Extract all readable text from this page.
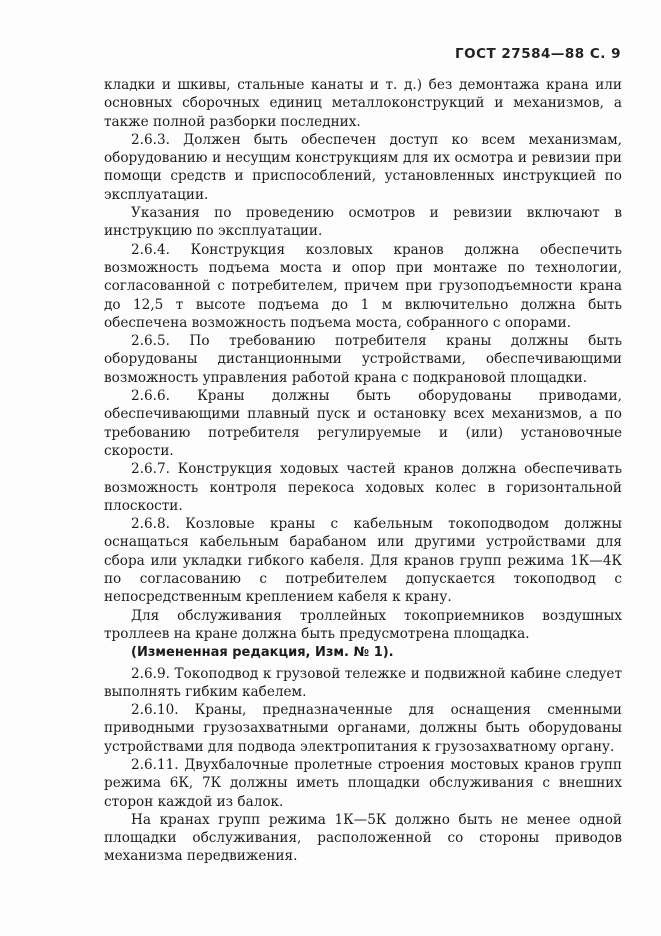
ГОСТ 27584—88 С. 9

кладки и шкивы, стальные канаты и т. д.) без демонтажа крана или основных сборочных единиц металлоконструкций и механизмов, а также полной разборки последних.

2.6.3. Должен быть обеспечен доступ ко всем механизмам, оборудованию и несущим конструкциям для их осмотра и ревизии при помощи средств и приспособлений, установленных инструкцией по эксплуатации.

Указания по проведению осмотров и ревизии включают в инструкцию по эксплуатации.

2.6.4. Конструкция козловых кранов должна обеспечить возможность подъема моста и опор при монтаже по технологии, согласованной с потребителем, причем при грузоподъемности крана до 12,5 т высоте подъема до 1 м включительно должна быть обеспечена возможность подъема моста, собранного с опорами.

2.6.5. По требованию потребителя краны должны быть оборудованы дистанционными устройствами, обеспечивающими возможность управления работой крана с подкрановой площадки.

2.6.6. Краны должны быть оборудованы приводами, обеспечивающими плавный пуск и остановку всех механизмов, а по требованию потребителя регулируемые и (или) установочные скорости.

2.6.7. Конструкция ходовых частей кранов должна обеспечивать возможность контроля перекоса ходовых колес в горизонтальной плоскости.

2.6.8. Козловые краны с кабельным токоподводом должны оснащаться кабельным барабаном или другими устройствами для сбора или укладки гибкого кабеля. Для кранов групп режима 1К—4К по согласованию с потребителем допускается токоподвод с непосредственным креплением кабеля к крану.

Для обслуживания троллейных токоприемников воздушных троллеев на кране должна быть предусмотрена площадка.

(Измененная редакция, Изм. № 1).

2.6.9. Токоподвод к грузовой тележке и подвижной кабине следует выполнять гибким кабелем.

2.6.10. Краны, предназначенные для оснащения сменными приводными грузозахватными органами, должны быть оборудованы устройствами для подвода электропитания к грузозахватному органу.

2.6.11. Двухбалочные пролетные строения мостовых кранов групп режима 6К, 7К должны иметь площадки обслуживания с внешних сторон каждой из балок.

На кранах групп режима 1К—5К должно быть не менее одной площадки обслуживания, расположенной со стороны приводов механизма передвижения.
